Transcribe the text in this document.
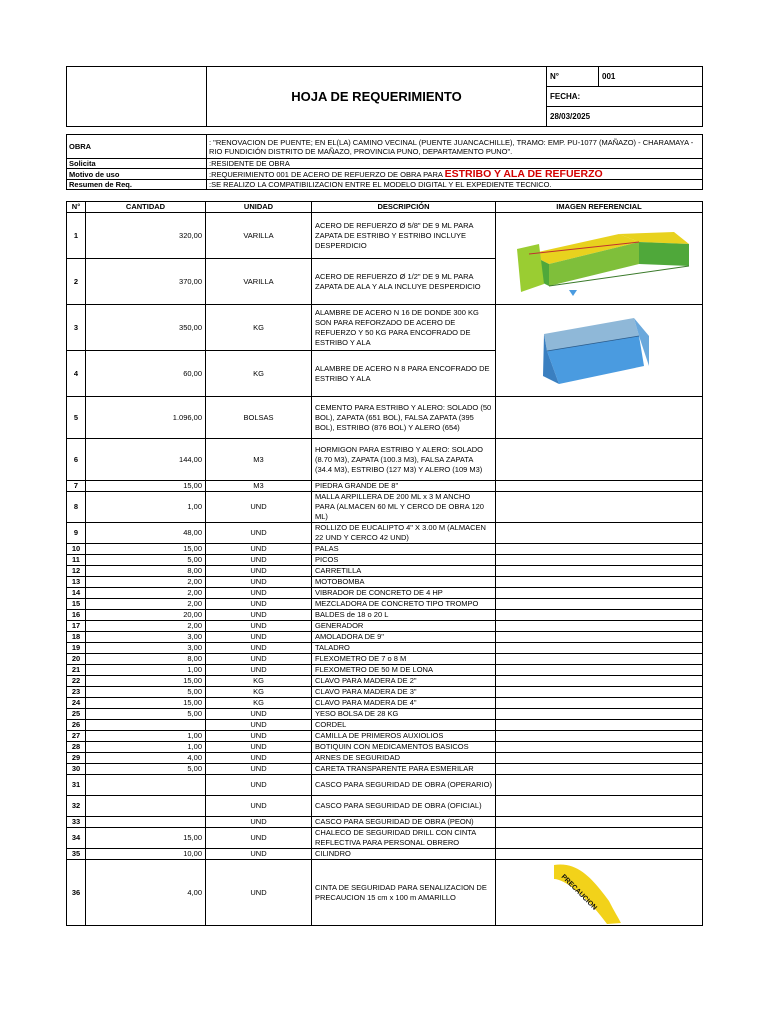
	HOJA DE REQUERIMIENTO	N°	001
FECHA:
28/03/2025
OBRA	: "RENOVACION DE PUENTE; EN EL(LA) CAMINO VECINAL (PUENTE JUANCACHILLE), TRAMO: EMP. PU-1077 (MAÑAZO) - CHARAMAYA - RIO FUNDICIÓN DISTRITO DE MAÑAZO, PROVINCIA PUNO, DEPARTAMENTO PUNO".
Solicita	:RESIDENTE DE OBRA
Motivo de uso	:REQUERIMIENTO 001 DE ACERO DE REFUERZO DE OBRA PARA ESTRIBO Y ALA DE REFUERZO
Resumen de Req.	:SE REALIZO LA COMPATIBILIZACION ENTRE EL MODELO DIGITAL Y EL EXPEDIENTE TECNICO.
N°	CANTIDAD	UNIDAD	DESCRIPCIÓN	IMAGEN REFERENCIAL
1	320,00	VARILLA	ACERO DE REFUERZO Ø 5/8" DE 9 ML PARA ZAPATA DE ESTRIBO Y ESTRIBO INCLUYE DESPERDICIO	

2	370,00	VARILLA	ACERO DE REFUERZO Ø 1/2" DE 9 ML PARA ZAPATA DE ALA Y ALA INCLUYE DESPERDICIO	
3	350,00	KG	ALAMBRE DE ACERO N 16 DE DONDE 300 KG SON PARA REFORZADO DE ACERO DE REFUERZO Y 50 KG PARA ENCOFRADO DE ESTRIBO Y ALA	

4	60,00	KG	ALAMBRE DE ACERO N 8 PARA ENCOFRADO DE ESTRIBO Y ALA	
5	1.096,00	BOLSAS	CEMENTO PARA ESTRIBO Y ALERO: SOLADO (50 BOL), ZAPATA (651 BOL), FALSA ZAPATA (395 BOL), ESTRIBO (876 BOL) Y ALERO (654)	
6	144,00	M3	HORMIGON PARA ESTRIBO Y ALERO: SOLADO (8.70 M3), ZAPATA (100.3 M3), FALSA ZAPATA (34.4 M3), ESTRIBO (127 M3) Y ALERO (109 M3)	
7	15,00	M3	PIEDRA GRANDE DE 8"	
8	1,00	UND	MALLA ARPILLERA DE 200 ML x 3 M ANCHO PARA (ALMACEN 60 ML Y CERCO DE OBRA 120 ML)	
9	48,00	UND	ROLLIZO DE EUCALIPTO 4" X 3.00 M (ALMACEN 22 UND Y CERCO 42 UND)	
10	15,00	UND	PALAS	
11	5,00	UND	PICOS	
12	8,00	UND	CARRETILLA	
13	2,00	UND	MOTOBOMBA	
14	2,00	UND	VIBRADOR DE CONCRETO DE 4 HP	
15	2,00	UND	MEZCLADORA DE CONCRETO TIPO TROMPO	
16	20,00	UND	BALDES de 18 o 20 L	
17	2,00	UND	GENERADOR	
18	3,00	UND	AMOLADORA DE 9"	
19	3,00	UND	TALADRO	
20	8,00	UND	FLEXOMETRO DE 7 o 8 M	
21	1,00	UND	FLEXOMETRO DE 50 M DE LONA	
22	15,00	KG	CLAVO PARA MADERA DE 2"	
23	5,00	KG	CLAVO PARA MADERA DE 3"	
24	15,00	KG	CLAVO PARA MADERA DE 4"	
25	5,00	UND	YESO BOLSA DE 28 KG	
26		UND	CORDEL	
27	1,00	UND	CAMILLA DE PRIMEROS AUXIOLIOS	
28	1,00	UND	BOTIQUIN CON MEDICAMENTOS BASICOS	
29	4,00	UND	ARNES DE SEGURIDAD	
30	5,00	UND	CARETA TRANSPARENTE PARA ESMERILAR	
31		UND	CASCO PARA SEGURIDAD DE OBRA (OPERARIO)	
32		UND	CASCO PARA SEGURIDAD DE OBRA (OFICIAL)	
33		UND	CASCO PARA SEGURIDAD DE OBRA (PEON)	
34	15,00	UND	CHALECO DE SEGURIDAD DRILL CON CINTA REFLECTIVA PARA PERSONAL OBRERO	
35	10,00	UND	CILINDRO	
36	4,00	UND	CINTA DE SEGURIDAD PARA SENALIZACION DE PRECAUCION 15 cm x 100 m AMARILLO	PRECAUCION
